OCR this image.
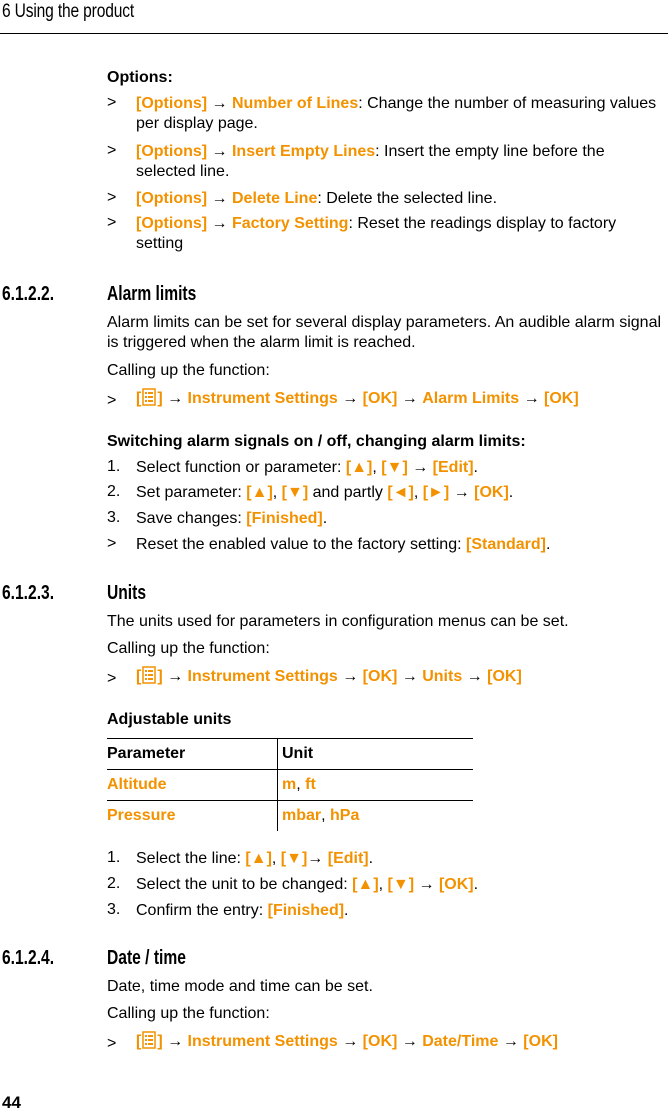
6 Using the product
Options:
> [Options] → Number of Lines: Change the number of measuring values per display page.
> [Options] → Insert Empty Lines: Insert the empty line before the selected line.
> [Options] → Delete Line: Delete the selected line.
> [Options] → Factory Setting: Reset the readings display to factory setting
6.1.2.2.	Alarm limits
Alarm limits can be set for several display parameters. An audible alarm signal is triggered when the alarm limit is reached.
Calling up the function:
> [ ] → Instrument Settings → [OK] → Alarm Limits → [OK]
Switching alarm signals on / off, changing alarm limits:
1. Select function or parameter: [▲], [▼] → [Edit].
2. Set parameter: [▲], [▼] and partly [◄], [►] → [OK].
3. Save changes: [Finished].
> Reset the enabled value to the factory setting: [Standard].
6.1.2.3.	Units
The units used for parameters in configuration menus can be set.
Calling up the function:
> [ ] → Instrument Settings → [OK] → Units → [OK]
Adjustable units
Parameter	Unit
Altitude	m, ft
Pressure	mbar, hPa
1. Select the line: [▲], [▼]→ [Edit].
2. Select the unit to be changed: [▲], [▼] → [OK].
3. Confirm the entry: [Finished].
6.1.2.4.	Date / time
Date, time mode and time can be set.
Calling up the function:
> [ ] → Instrument Settings → [OK] → Date/Time → [OK]
44
